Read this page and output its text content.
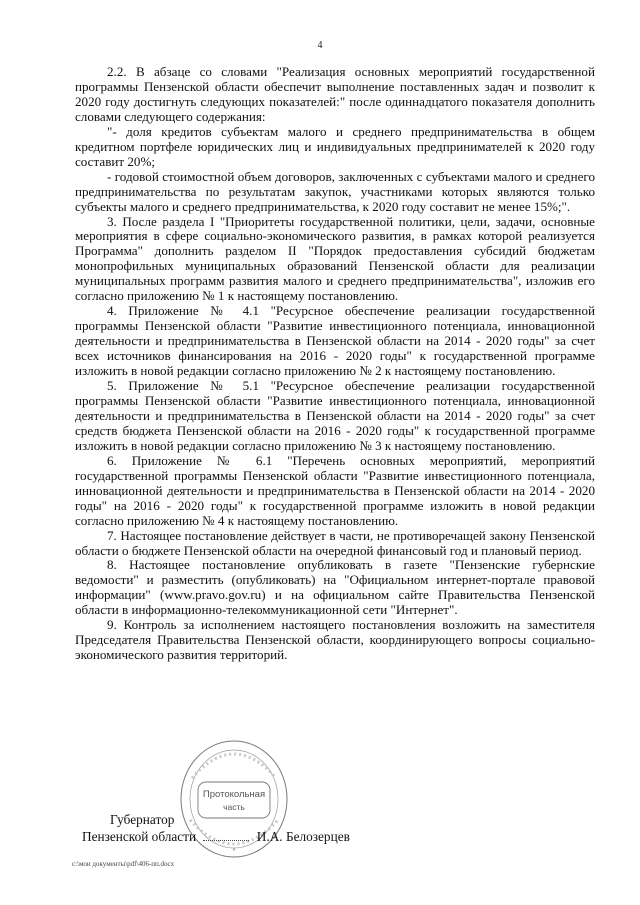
4

2.2. В абзаце со словами "Реализация основных мероприятий государственной программы Пензенской области обеспечит выполнение поставленных задач и позволит к 2020 году достигнуть следующих показателей:" после одиннадцатого показателя дополнить словами следующего содержания:

"- доля кредитов субъектам малого и среднего предпринимательства в общем кредитном портфеле юридических лиц и индивидуальных предпринимателей к 2020 году составит 20%;

- годовой стоимостной объем договоров, заключенных с субъектами малого и среднего предпринимательства по результатам закупок, участниками которых являются только субъекты малого и среднего предпринимательства, к 2020 году составит не менее 15%;".

3. После раздела I "Приоритеты государственной политики, цели, задачи, основные мероприятия в сфере социально-экономического развития, в рамках которой реализуется Программа" дополнить разделом II "Порядок предоставления субсидий бюджетам монопрофильных муниципальных образований Пензенской области для реализации муниципальных программ развития малого и среднего предпринимательства", изложив его согласно приложению № 1 к настоящему постановлению.

4. Приложение № 4.1 "Ресурсное обеспечение реализации государственной программы Пензенской области "Развитие инвестиционного потенциала, инновационной деятельности и предпринимательства в Пензенской области на 2014 - 2020 годы" за счет всех источников финансирования на 2016 - 2020 годы" к государственной программе изложить в новой редакции согласно приложению № 2 к настоящему постановлению.

5. Приложение № 5.1 "Ресурсное обеспечение реализации государственной программы Пензенской области "Развитие инвестиционного потенциала, инновационной деятельности и предпринимательства в Пензенской области на 2014 - 2020 годы" за счет средств бюджета Пензенской области на 2016 - 2020 годы" к государственной программе изложить в новой редакции согласно приложению № 3 к настоящему постановлению.

6. Приложение № 6.1 "Перечень основных мероприятий, мероприятий государственной программы Пензенской области "Развитие инвестиционного потенциала, инновационной деятельности и предпринимательства в Пензенской области на 2014 - 2020 годы" на 2016 - 2020 годы" к государственной программе изложить в новой редакции согласно приложению № 4 к настоящему постановлению.

7. Настоящее постановление действует в части, не противоречащей закону Пензенской области о бюджете Пензенской области на очередной финансовый год и плановый период.

8. Настоящее постановление опубликовать в газете "Пензенские губернские ведомости" и разместить (опубликовать) на "Официальном интернет-портале правовой информации" (www.pravo.gov.ru) и на официальном сайте Правительства Пензенской области в информационно-телекоммуникационной сети "Интернет".

9. Контроль за исполнением настоящего постановления возложить на заместителя Председателя Правительства Пензенской области, координирующего вопросы социально-экономического развития территорий.

Протокольная
часть
*
Губернатор
Пензенской области	И.А. Белозерцев
c:\мои документы\pdf\406-пп.docx
